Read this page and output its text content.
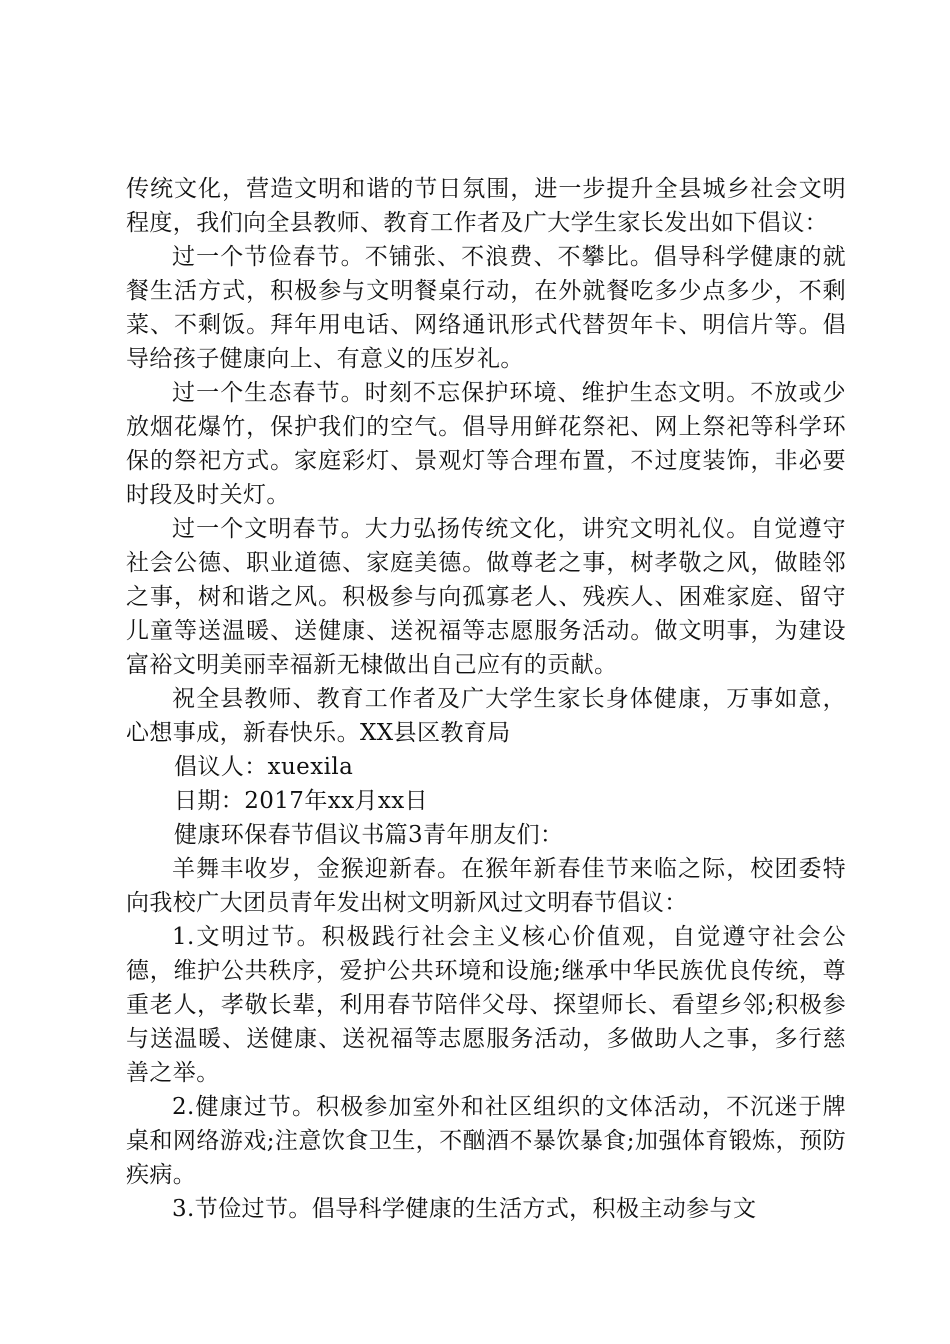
传统文化，营造文明和谐的节日氛围，进一步提升全县城乡社会文明程度，我们向全县教师、教育工作者及广大学生家长发出如下倡议：

过一个节俭春节。不铺张、不浪费、不攀比。倡导科学健康的就餐生活方式，积极参与文明餐桌行动，在外就餐吃多少点多少，不剩菜、不剩饭。拜年用电话、网络通讯形式代替贺年卡、明信片等。倡导给孩子健康向上、有意义的压岁礼。

过一个生态春节。时刻不忘保护环境、维护生态文明。不放或少放烟花爆竹，保护我们的空气。倡导用鲜花祭祀、网上祭祀等科学环保的祭祀方式。家庭彩灯、景观灯等合理布置，不过度装饰，非必要时段及时关灯。

过一个文明春节。大力弘扬传统文化，讲究文明礼仪。自觉遵守社会公德、职业道德、家庭美德。做尊老之事，树孝敬之风，做睦邻之事，树和谐之风。积极参与向孤寡老人、残疾人、困难家庭、留守儿童等送温暖、送健康、送祝福等志愿服务活动。做文明事，为建设富裕文明美丽幸福新无棣做出自己应有的贡献。

祝全县教师、教育工作者及广大学生家长身体健康，万事如意，心想事成，新春快乐。XX县区教育局

倡议人：xuexila

日期：2017年xx月xx日

健康环保春节倡议书篇3青年朋友们：

羊舞丰收岁，金猴迎新春。在猴年新春佳节来临之际，校团委特向我校广大团员青年发出树文明新风过文明春节倡议：

1.文明过节。积极践行社会主义核心价值观，自觉遵守社会公德，维护公共秩序，爱护公共环境和设施;继承中华民族优良传统，尊重老人，孝敬长辈，利用春节陪伴父母、探望师长、看望乡邻;积极参与送温暖、送健康、送祝福等志愿服务活动，多做助人之事，多行慈善之举。

2.健康过节。积极参加室外和社区组织的文体活动，不沉迷于牌桌和网络游戏;注意饮食卫生，不酗酒不暴饮暴食;加强体育锻炼，预防疾病。

3.节俭过节。倡导科学健康的生活方式，积极主动参与文
